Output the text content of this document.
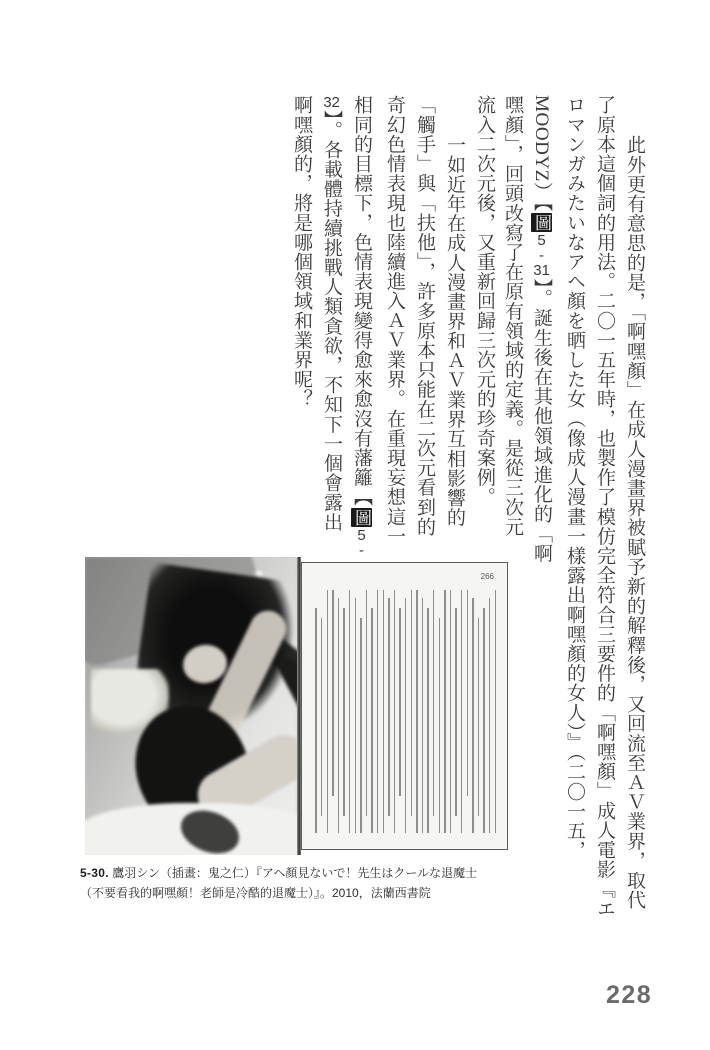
此外更有意思的是，「啊嘿顏」在成人漫畫界被賦予新的解釋後，又回流至ＡＶ業界，取代
了原本這個詞的用法。二〇一五年時，也製作了模仿完全符合三要件的「啊嘿顏」成人電影『エ
ロマンガみたいなアヘ顏を晒した女（像成人漫畫一樣露出啊嘿顏的女人）』（二〇一五，
MOODYZ）【圖5-31】。誕生後在其他領域進化的「啊
嘿顏」，回頭改寫了在原有領域的定義。是從三次元
流入二次元後，又重新回歸三次元的珍奇案例。
一如近年在成人漫畫界和ＡＶ業界互相影響的
「觸手」與「扶他」，許多原本只能在二次元看到的
奇幻色情表現也陸續進入ＡＶ業界。在重現妄想這一
相同的目標下，色情表現變得愈來愈沒有藩籬【圖5-
32】。各載體持續挑戰人類貪欲，不知下一個會露出
啊嘿顏的，將是哪個領域和業界呢？
266

5-30. 鷹羽シン（插畫：鬼之仁）『アヘ顏見ないで！先生はクールな退魔士
（不要看我的啊嘿顏！老師是冷酷的退魔士）』。2010，法蘭西書院

228
